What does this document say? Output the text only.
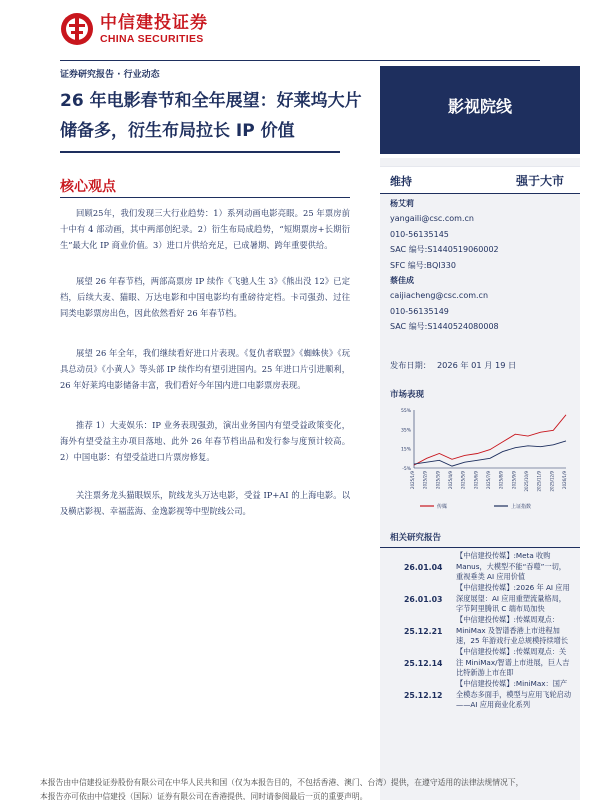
中信建投证券
CHINA SECURITIES
证券研究报告 · 行业动态
26 年电影春节和全年展望：好莱坞大片储备多，衍生布局拉长 IP 价值
影视院线
核心观点

回顾25年，我们发现三大行业趋势：1）系列动画电影亮眼。25 年票房前十中有 4 部动画，其中两部创纪录。2）衍生布局成趋势，“短期票房+长期衍生”最大化 IP 商业价值。3）进口片供给充足，已成暑期、跨年重要供给。

展望 26 年春节档，两部高票房 IP 续作《飞驰人生 3》《熊出没 12》已定档，后续大麦、猫眼、万达电影和中国电影均有重磅待定档。卡司强劲、过往同类电影票房出色，因此依然看好 26 年春节档。

展望 26 年全年，我们继续看好进口片表现。《复仇者联盟》《蜘蛛侠》《玩具总动员》《小黄人》等头部 IP 续作均有望引进国内。25 年进口片引进顺利，26 年好莱坞电影储备丰富，我们看好今年国内进口电影票房表现。

推荐 1）大麦娱乐：IP 业务表现强劲，演出业务国内有望受益政策变化，海外有望受益主办项目落地、此外 26 年春节档出品和发行参与度预计较高。2）中国电影：有望受益进口片票房修复。

关注票务龙头猫眼娱乐，院线龙头万达电影，受益 IP+AI 的上海电影。以及横店影视、幸福蓝海、金逸影视等中型院线公司。

维持	强于大市
杨艾莉
yangaili@csc.com.cn
010-56135145
SAC 编号:S1440519060002
SFC 编号:BQI330
蔡佳成
caijiacheng@csc.com.cn
010-56135149
SAC 编号:S1440524080008
发布日期： 2026 年 01 月 19 日
市场表现
55%
35%
15%
-5%
2025/1/9 2025/2/9 2025/3/9 2025/4/9 2025/5/9 2025/6/9 2025/7/9 2025/8/9 2025/9/9 2025/10/9 2025/11/9 2025/12/9 2026/1/9
传媒	上证指数
相关研究报告
26.01.04
【中信建投传媒】:Meta 收购 Manus，大模型不能“吞噬”一切，重视垂类 AI 应用价值
26.01.03
【中信建投传媒】:2026 年 AI 应用深度展望：AI 应用重塑流量格局，字节阿里腾讯 C 端布局加快
25.12.21
【中信建投传媒】:传媒周观点：MiniMax 及智谱香港上市进程加速，25 年游戏行业总规模持续增长
25.12.14
【中信建投传媒】:传媒周观点：关注 MiniMax/智谱上市进展，巨人吉比特新游上市在即
25.12.12
【中信建投传媒】:MiniMax：国产全模态多面手，模型与应用飞轮启动——AI 应用商业化系列
本报告由中信建投证券股份有限公司在中华人民共和国（仅为本报告目的，不包括香港、澳门、台湾）提供，在遵守适用的法律法规情况下，
本报告亦可依由中信建投（国际）证券有限公司在香港提供，同时请参阅最后一页的重要声明。
